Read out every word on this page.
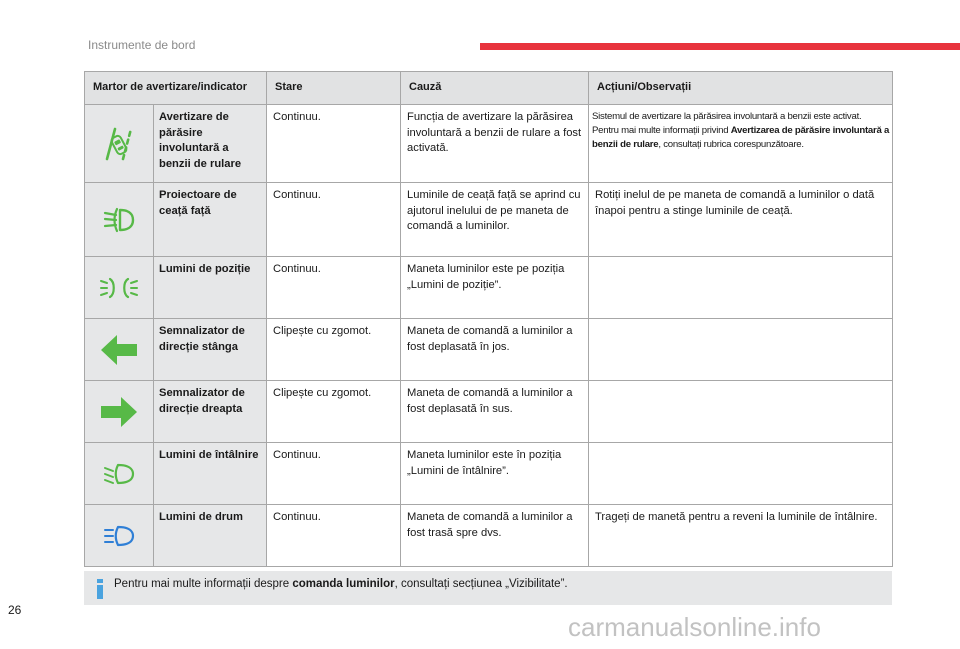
Instrumente de bord
Martor de avertizare/indicator		Stare	Cauză	Acțiuni/Observații

	Avertizare de părăsire involuntară a benzii de rulare	Continuu.	Funcția de avertizare la părăsirea involuntară a benzii de rulare a fost activată.	Sistemul de avertizare la părăsirea involuntară a benzii este activat.
Pentru mai multe informații privind Avertizarea de părăsire involuntară a benzii de rulare, consultați rubrica corespunzătoare.

	Proiectoare de ceață față	Continuu.	Luminile de ceață față se aprind cu ajutorul inelului de pe maneta de comandă a luminilor.	Rotiți inelul de pe maneta de comandă a luminilor o dată înapoi pentru a stinge luminile de ceață.

	Lumini de poziție	Continuu.	Maneta luminilor este pe poziția „Lumini de poziție”.	

	Semnalizator de direcție stânga	Clipește cu zgomot.	Maneta de comandă a luminilor a fost deplasată în jos.	

	Semnalizator de direcție dreapta	Clipește cu zgomot.	Maneta de comandă a luminilor a fost deplasată în sus.	

	Lumini de întâlnire	Continuu.	Maneta luminilor este în poziția „Lumini de întâlnire”.	

	Lumini de drum	Continuu.	Maneta de comandă a luminilor a fost trasă spre dvs.	Trageți de manetă pentru a reveni la luminile de întâlnire.
Pentru mai multe informații despre comanda luminilor, consultați secțiunea „Vizibilitate”.
26
carmanualsonline.info
